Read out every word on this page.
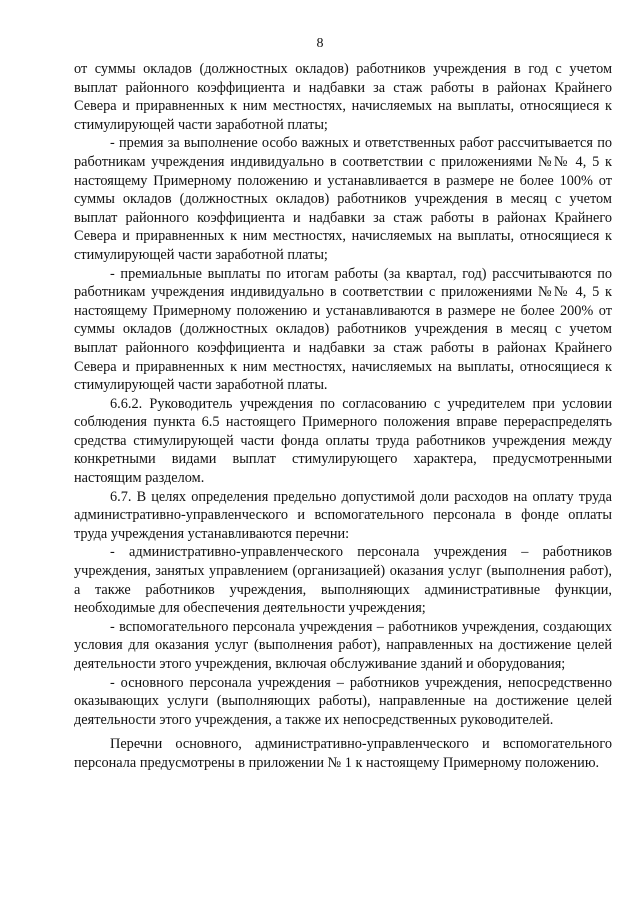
8

от суммы окладов (должностных окладов) работников учреждения в год с учетом выплат районного коэффициента и надбавки за стаж работы в районах Крайнего Севера и приравненных к ним местностях, начисляемых на выплаты, относящиеся к стимулирующей части заработной платы;

- премия за выполнение особо важных и ответственных работ рассчитывается по работникам учреждения индивидуально в соответствии с приложениями №№ 4, 5 к настоящему Примерному положению и устанавливается в размере не более 100% от суммы окладов (должностных окладов) работников учреждения в месяц с учетом выплат районного коэффициента и надбавки за стаж работы в районах Крайнего Севера и приравненных к ним местностях, начисляемых на выплаты, относящиеся к стимулирующей части заработной платы;

- премиальные выплаты по итогам работы (за квартал, год) рассчитываются по работникам учреждения индивидуально в соответствии с приложениями №№ 4, 5 к настоящему Примерному положению и устанавливаются в размере не более 200% от суммы окладов (должностных окладов) работников учреждения в месяц с учетом выплат районного коэффициента и надбавки за стаж работы в районах Крайнего Севера и приравненных к ним местностях, начисляемых на выплаты, относящиеся к стимулирующей части заработной платы.

6.6.2. Руководитель учреждения по согласованию с учредителем при условии соблюдения пункта 6.5 настоящего Примерного положения вправе перераспределять средства стимулирующей части фонда оплаты труда работников учреждения между конкретными видами выплат стимулирующего характера, предусмотренными настоящим разделом.

6.7. В целях определения предельно допустимой доли расходов на оплату труда административно-управленческого и вспомогательного персонала в фонде оплаты труда учреждения устанавливаются перечни:

- административно-управленческого персонала учреждения – работников учреждения, занятых управлением (организацией) оказания услуг (выполнения работ), а также работников учреждения, выполняющих административные функции, необходимые для обеспечения деятельности учреждения;

- вспомогательного персонала учреждения – работников учреждения, создающих условия для оказания услуг (выполнения работ), направленных на достижение целей деятельности этого учреждения, включая обслуживание зданий и оборудования;

- основного персонала учреждения – работников учреждения, непосредственно оказывающих услуги (выполняющих работы), направленные на достижение целей деятельности этого учреждения, а также их непосредственных руководителей.

Перечни основного, административно-управленческого и вспомогательного персонала предусмотрены в приложении № 1 к настоящему Примерному положению.
